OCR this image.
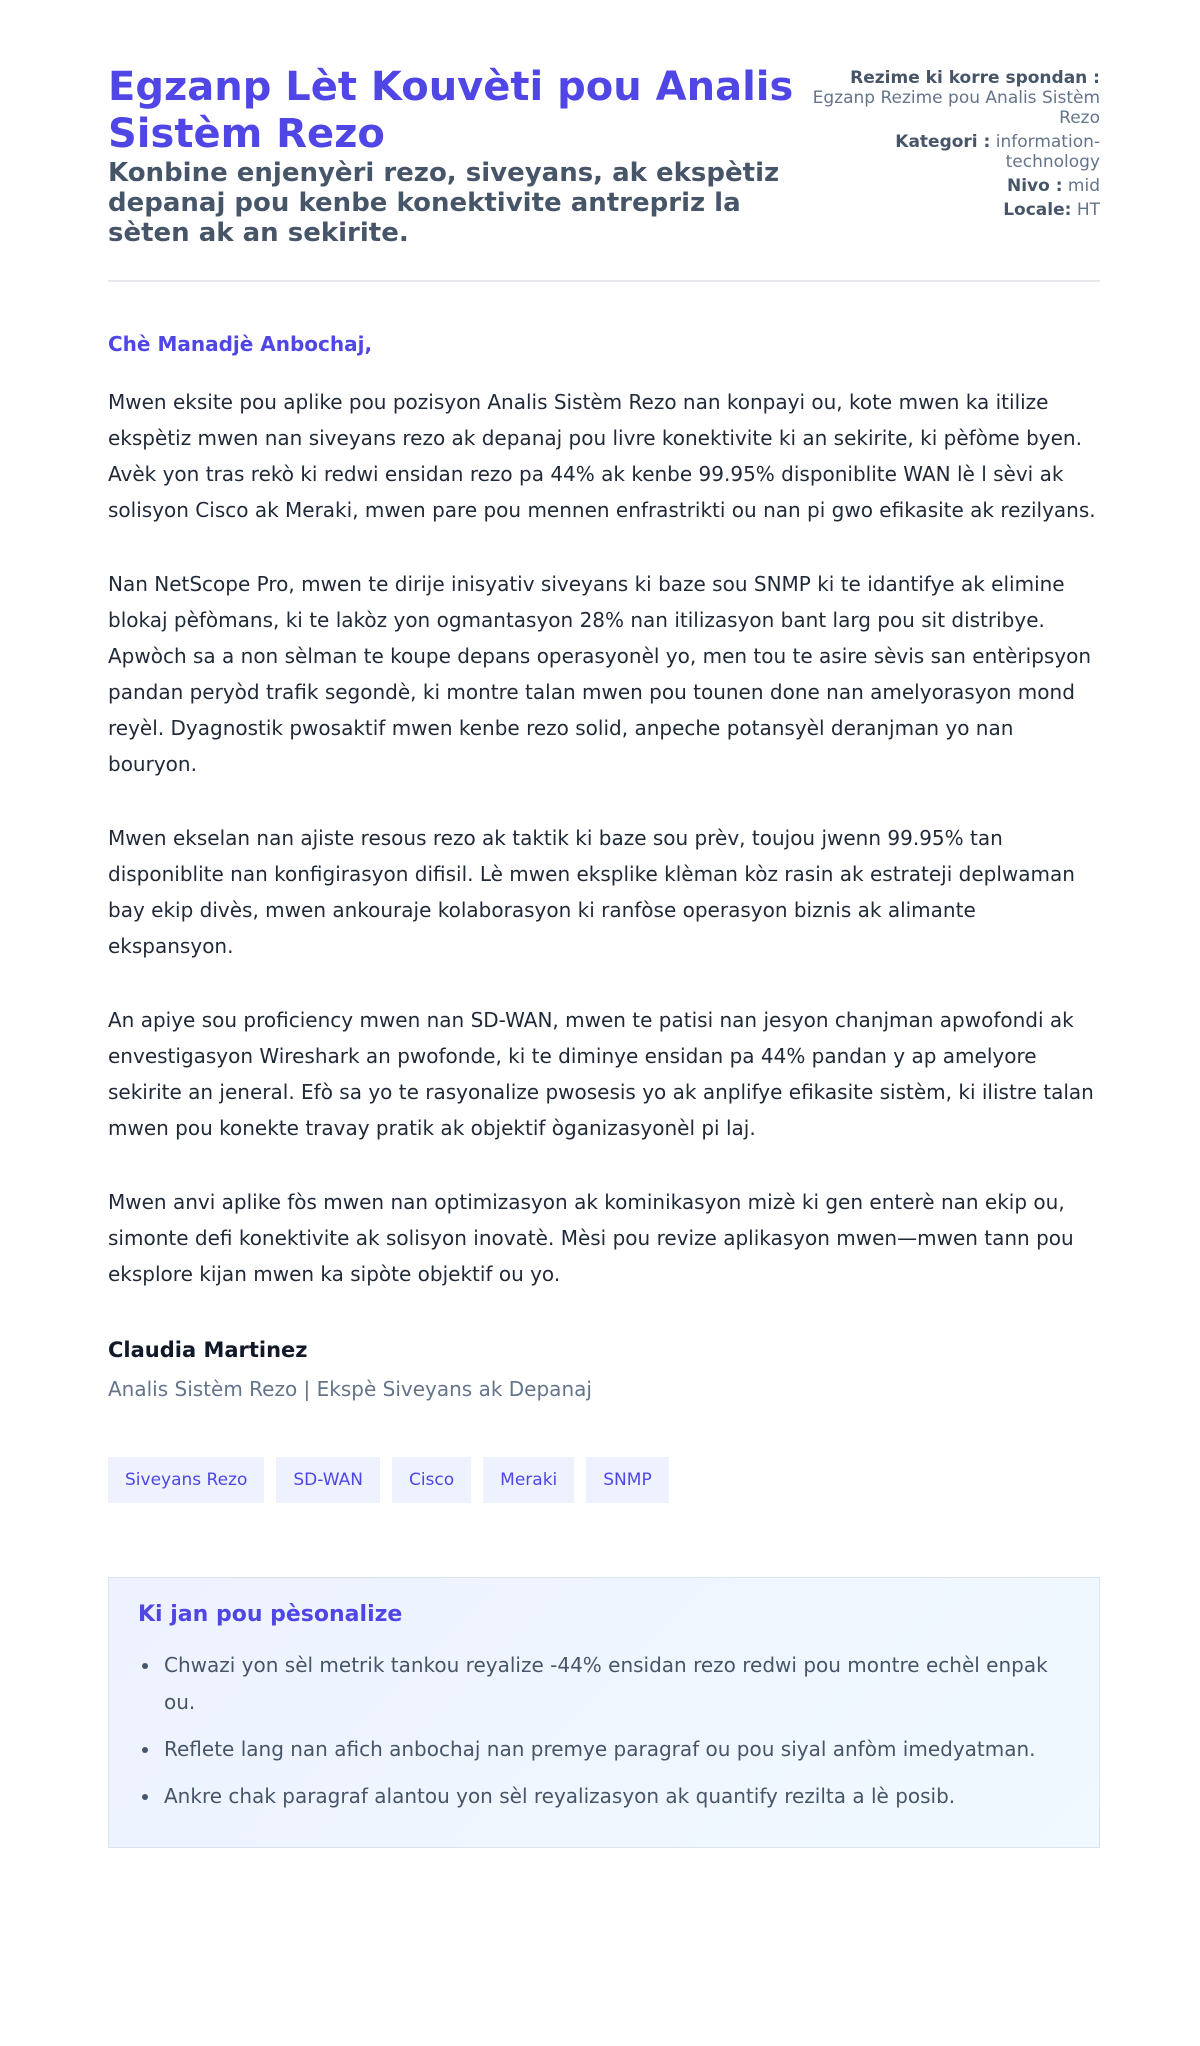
Egzanp Lèt Kouvèti pou Analis Sistèm Rezo
Konbine enjenyèri rezo, siveyans, ak ekspètiz depanaj pou kenbe konektivite antrepriz la sèten ak an sekirite.
Rezime ki korre spondan :
Egzanp Rezime pou Analis Sistèm Rezo
Kategori : information-technology
Nivo : mid
Locale: HT
Chè Manadjè Anbochaj,

Mwen eksite pou aplike pou pozisyon Analis Sistèm Rezo nan konpayi ou, kote mwen ka itilize ekspètiz mwen nan siveyans rezo ak depanaj pou livre konektivite ki an sekirite, ki pèfòme byen. Avèk yon tras rekò ki redwi ensidan rezo pa 44% ak kenbe 99.95% disponiblite WAN lè l sèvi ak solisyon Cisco ak Meraki, mwen pare pou mennen enfrastrikti ou nan pi gwo efikasite ak rezilyans.

Nan NetScope Pro, mwen te dirije inisyativ siveyans ki baze sou SNMP ki te idantifye ak elimine blokaj pèfòmans, ki te lakòz yon ogmantasyon 28% nan itilizasyon bant larg pou sit distribye. Apwòch sa a non sèlman te koupe depans operasyonèl yo, men tou te asire sèvis san entèripsyon pandan peryòd trafik segondè, ki montre talan mwen pou tounen done nan amelyorasyon mond reyèl. Dyagnostik pwosaktif mwen kenbe rezo solid, anpeche potansyèl deranjman yo nan bouryon.

Mwen ekselan nan ajiste resous rezo ak taktik ki baze sou prèv, toujou jwenn 99.95% tan disponiblite nan konfigirasyon difisil. Lè mwen eksplike klèman kòz rasin ak estrateji deplwaman bay ekip divès, mwen ankouraje kolaborasyon ki ranfòse operasyon biznis ak alimante ekspansyon.

An apiye sou proficiency mwen nan SD-WAN, mwen te patisi nan jesyon chanjman apwofondi ak envestigasyon Wireshark an pwofonde, ki te diminye ensidan pa 44% pandan y ap amelyore sekirite an jeneral. Efò sa yo te rasyonalize pwosesis yo ak anplifye efikasite sistèm, ki ilistre talan mwen pou konekte travay pratik ak objektif òganizasyonèl pi laj.

Mwen anvi aplike fòs mwen nan optimizasyon ak kominikasyon mizè ki gen enterè nan ekip ou, simonte defi konektivite ak solisyon inovatè. Mèsi pou revize aplikasyon mwen—mwen tann pou eksplore kijan mwen ka sipòte objektif ou yo.

Claudia Martinez
Analis Sistèm Rezo | Ekspè Siveyans ak Depanaj
Siveyans Rezo	SD-WAN	Cisco	Meraki	SNMP
Ki jan pou pèsonalize
Chwazi yon sèl metrik tankou reyalize -44% ensidan rezo redwi pou montre echèl enpak ou.
Reflete lang nan afich anbochaj nan premye paragraf ou pou siyal anfòm imedyatman.
Ankre chak paragraf alantou yon sèl reyalizasyon ak quantify rezilta a lè posib.
